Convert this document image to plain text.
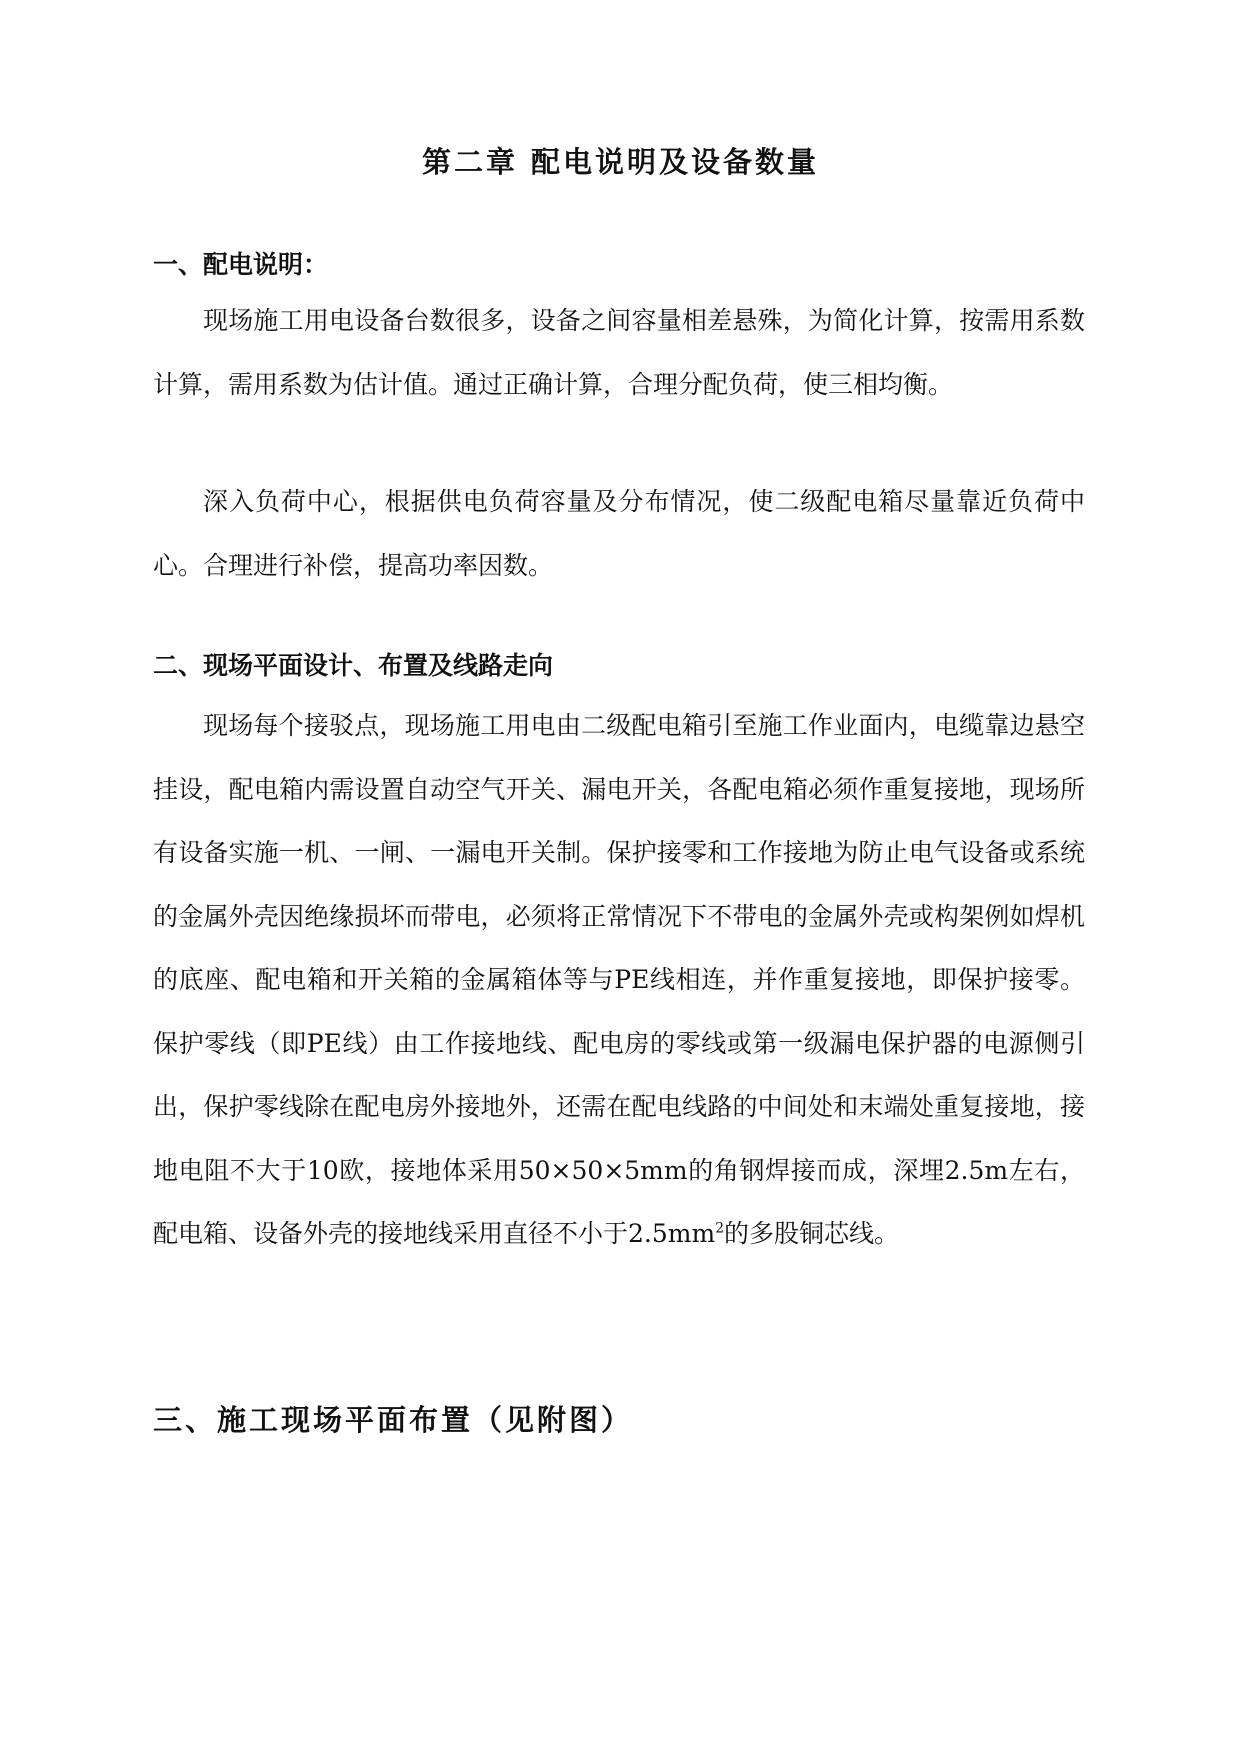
第二章 配电说明及设备数量
一、配电说明：

现场施工用电设备台数很多，设备之间容量相差悬殊，为简化计算，按需用系数计算，需用系数为估计值。通过正确计算，合理分配负荷，使三相均衡。

深入负荷中心，根据供电负荷容量及分布情况，使二级配电箱尽量靠近负荷中心。合理进行补偿，提高功率因数。

二、现场平面设计、布置及线路走向

现场每个接驳点，现场施工用电由二级配电箱引至施工作业面内，电缆靠边悬空挂设，配电箱内需设置自动空气开关、漏电开关，各配电箱必须作重复接地，现场所有设备实施一机、一闸、一漏电开关制。保护接零和工作接地为防止电气设备或系统的金属外壳因绝缘损坏而带电，必须将正常情况下不带电的金属外壳或构架例如焊机的底座、配电箱和开关箱的金属箱体等与PE线相连，并作重复接地，即保护接零。保护零线（即PE线）由工作接地线、配电房的零线或第一级漏电保护器的电源侧引出，保护零线除在配电房外接地外，还需在配电线路的中间处和末端处重复接地，接地电阻不大于10欧，接地体采用50×50×5mm的角钢焊接而成，深埋2.5m左右，配电箱、设备外壳的接地线采用直径不小于$2.5mm^2$的多股铜芯线。

三、施工现场平面布置（见附图）
